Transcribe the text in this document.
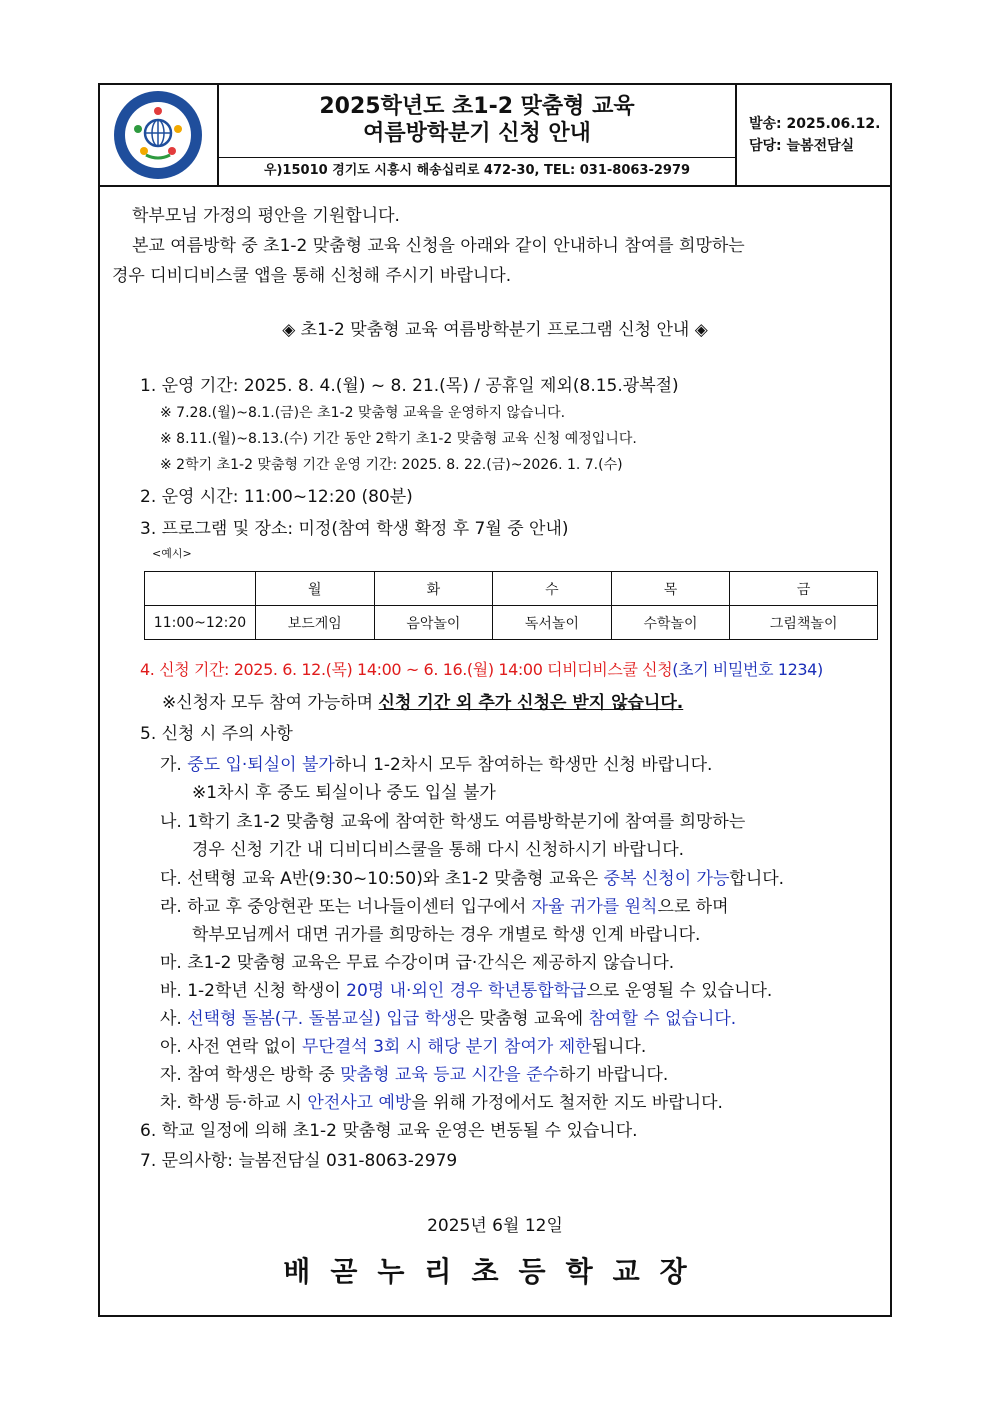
2025학년도 초1-2 맞춤형 교육
여름방학분기 신청 안내
우)15010 경기도 시흥시 해송십리로 472-30, TEL: 031-8063-2979
발송: 2025.06.12.
담당: 늘봄전담실
학부모님 가정의 평안을 기원합니다.
본교 여름방학 중 초1-2 맞춤형 교육 신청을 아래와 같이 안내하니 참여를 희망하는
경우 디비디비스쿨 앱을 통해 신청해 주시기 바랍니다.
◈ 초1-2 맞춤형 교육 여름방학분기 프로그램 신청 안내 ◈
1. 운영 기간: 2025. 8. 4.(월) ~ 8. 21.(목) / 공휴일 제외(8.15.광복절)
※ 7.28.(월)~8.1.(금)은 초1-2 맞춤형 교육을 운영하지 않습니다.
※ 8.11.(월)~8.13.(수) 기간 동안 2학기 초1-2 맞춤형 교육 신청 예정입니다.
※ 2학기 초1-2 맞춤형 기간 운영 기간: 2025. 8. 22.(금)~2026. 1. 7.(수)
2. 운영 시간: 11:00~12:20 (80분)
3. 프로그램 및 장소: 미정(참여 학생 확정 후 7월 중 안내)
<예시>
	월	화	수	목	금
11:00~12:20	보드게임	음악놀이	독서놀이	수학놀이	그림책놀이
4. 신청 기간: 2025. 6. 12.(목) 14:00 ~ 6. 16.(월) 14:00 디비디비스쿨 신청(초기 비밀번호 1234)
※신청자 모두 참여 가능하며 신청 기간 외 추가 신청은 받지 않습니다.
5. 신청 시 주의 사항
가. 중도 입·퇴실이 불가하니 1-2차시 모두 참여하는 학생만 신청 바랍니다.
※1차시 후 중도 퇴실이나 중도 입실 불가
나. 1학기 초1-2 맞춤형 교육에 참여한 학생도 여름방학분기에 참여를 희망하는
경우 신청 기간 내 디비디비스쿨을 통해 다시 신청하시기 바랍니다.
다. 선택형 교육 A반(9:30~10:50)와 초1-2 맞춤형 교육은 중복 신청이 가능합니다.
라. 하교 후 중앙현관 또는 너나들이센터 입구에서 자율 귀가를 원칙으로 하며
학부모님께서 대면 귀가를 희망하는 경우 개별로 학생 인계 바랍니다.
마. 초1-2 맞춤형 교육은 무료 수강이며 급·간식은 제공하지 않습니다.
바. 1-2학년 신청 학생이 20명 내·외인 경우 학년통합학급으로 운영될 수 있습니다.
사. 선택형 돌봄(구. 돌봄교실) 입급 학생은 맞춤형 교육에 참여할 수 없습니다.
아. 사전 연락 없이 무단결석 3회 시 해당 분기 참여가 제한됩니다.
자. 참여 학생은 방학 중 맞춤형 교육 등교 시간을 준수하기 바랍니다.
차. 학생 등·하교 시 안전사고 예방을 위해 가정에서도 철저한 지도 바랍니다.
6. 학교 일정에 의해 초1-2 맞춤형 교육 운영은 변동될 수 있습니다.
7. 문의사항: 늘봄전담실 031-8063-2979
2025년 6월 12일
배곧누리초등학교장
